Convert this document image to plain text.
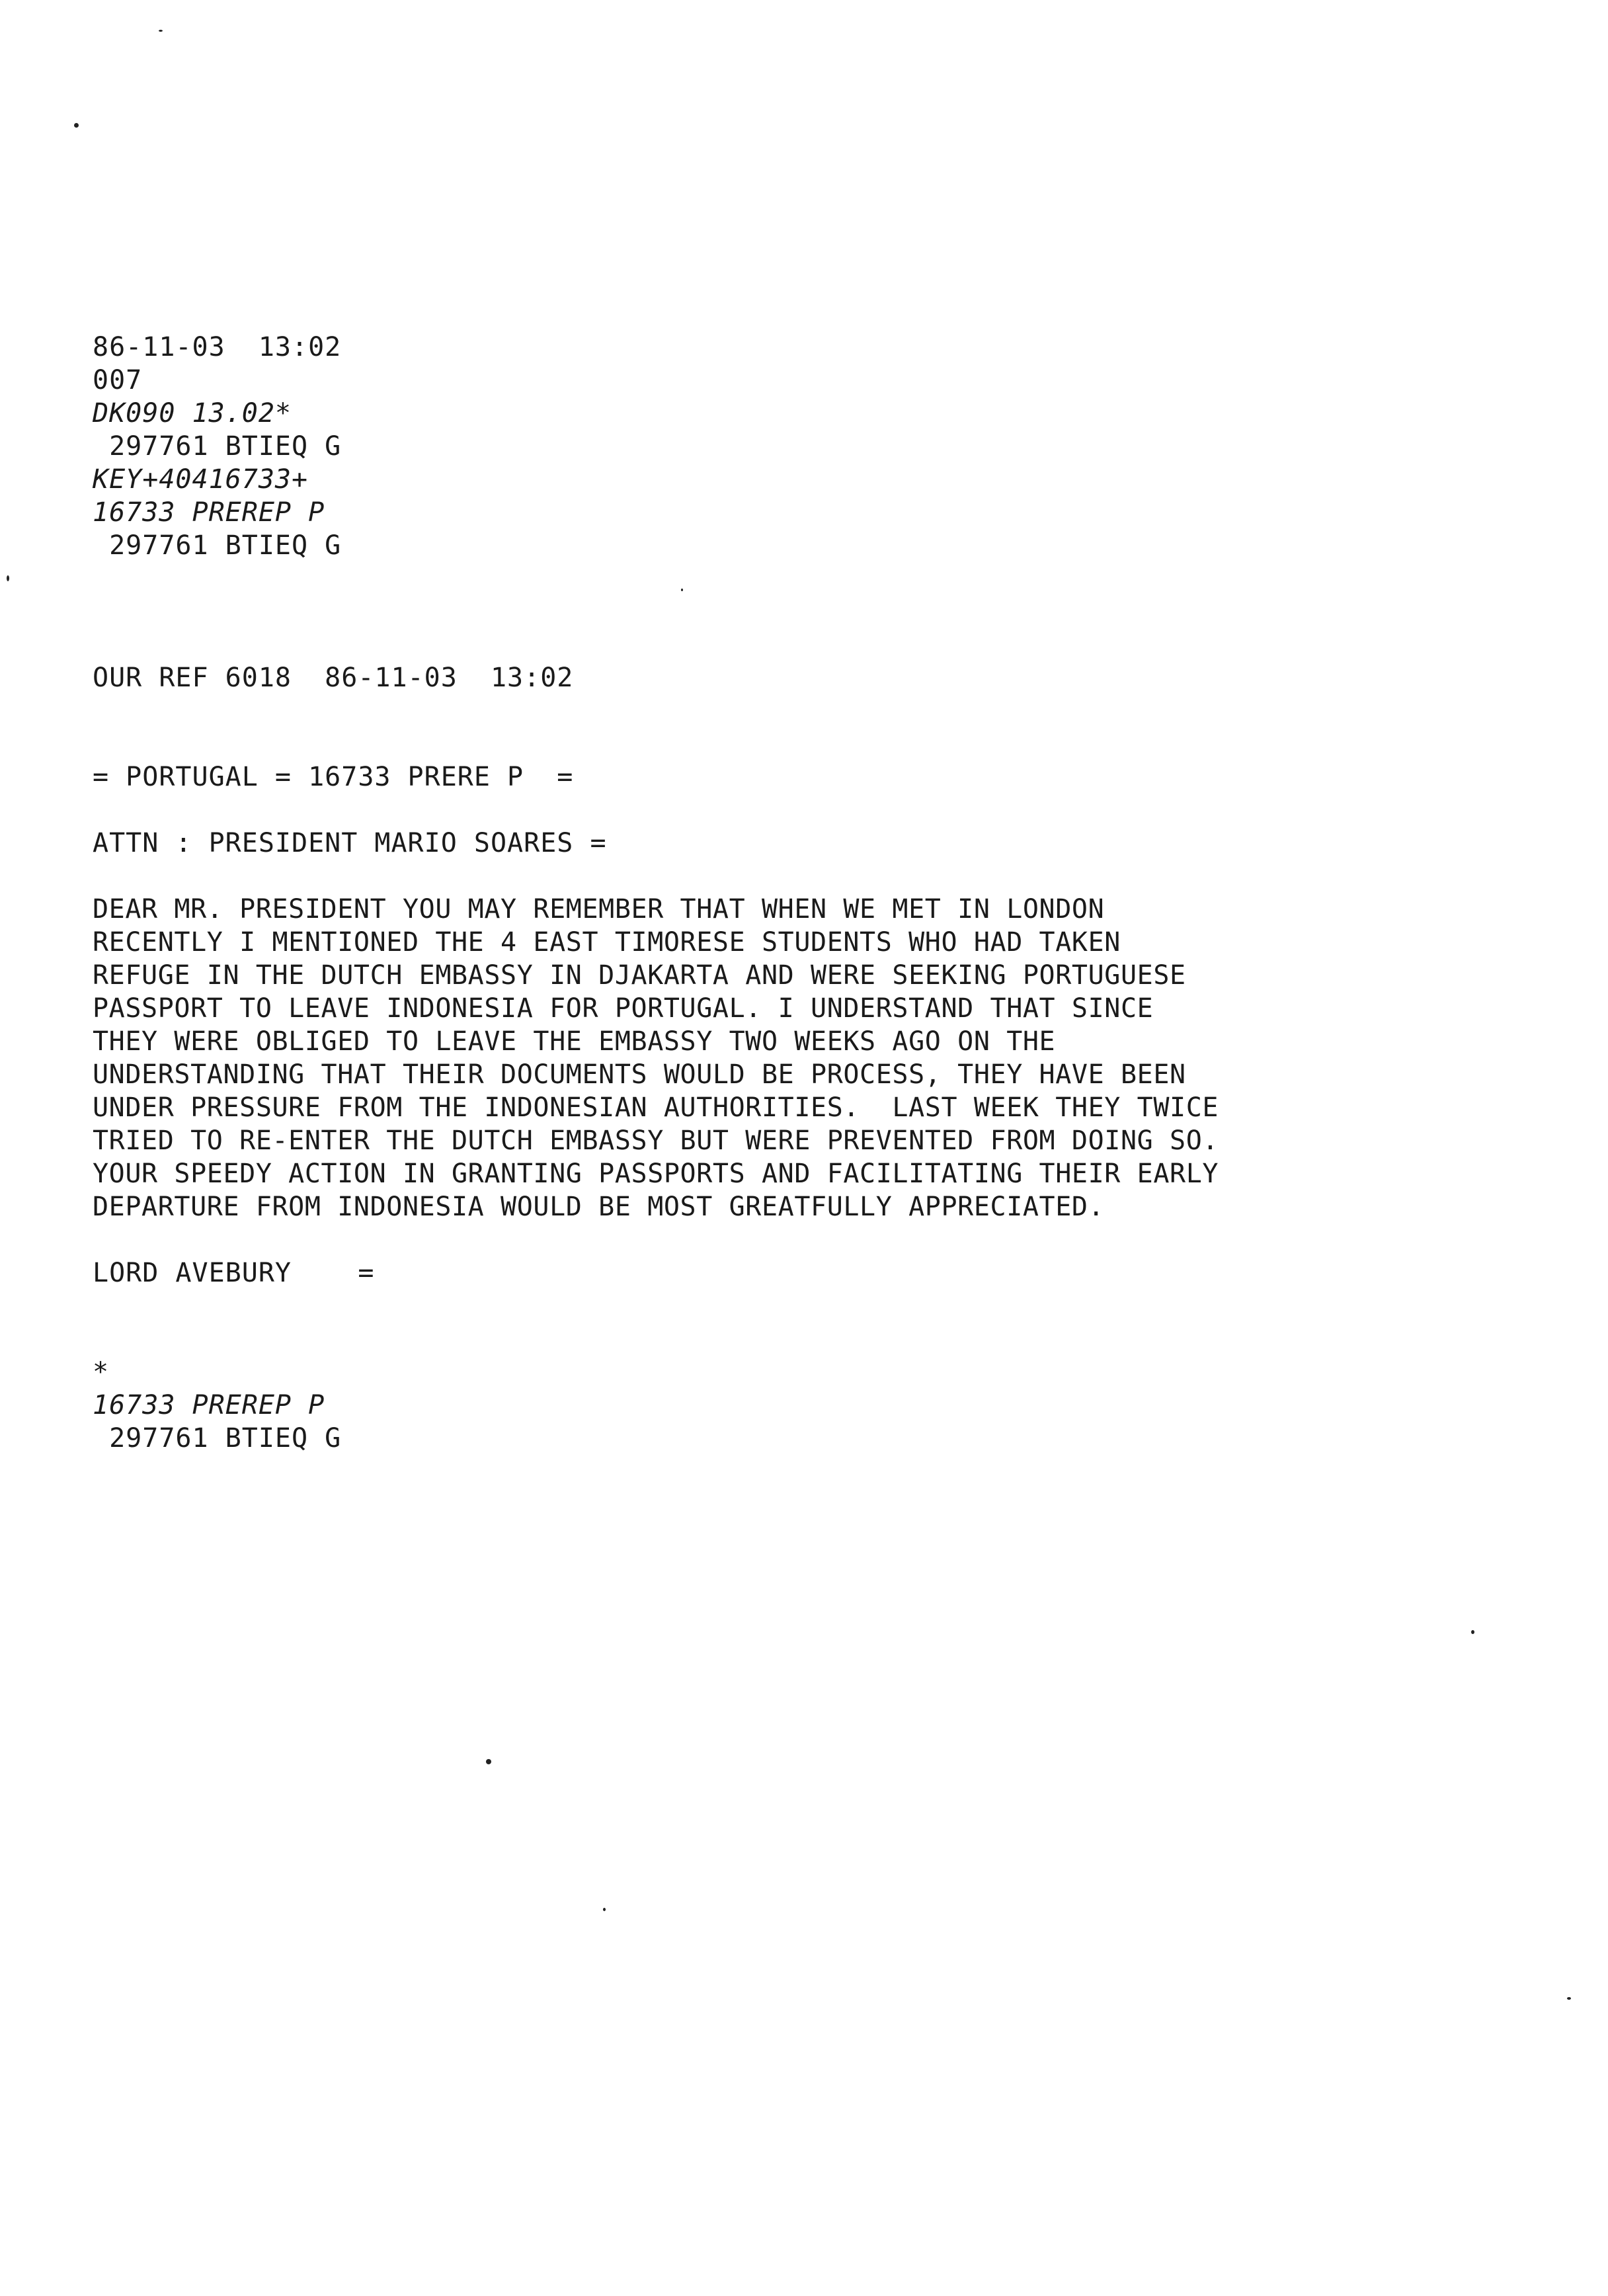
86-11-03  13:02
007
DK090 13.02*
297761 BTIEQ G
KEY+40416733+
16733 PREREP P
297761 BTIEQ G
OUR REF 6018  86-11-03  13:02
= PORTUGAL = 16733 PRERE P  =
ATTN : PRESIDENT MARIO SOARES =
DEAR MR. PRESIDENT YOU MAY REMEMBER THAT WHEN WE MET IN LONDON
RECENTLY I MENTIONED THE 4 EAST TIMORESE STUDENTS WHO HAD TAKEN
REFUGE IN THE DUTCH EMBASSY IN DJAKARTA AND WERE SEEKING PORTUGUESE
PASSPORT TO LEAVE INDONESIA FOR PORTUGAL. I UNDERSTAND THAT SINCE
THEY WERE OBLIGED TO LEAVE THE EMBASSY TWO WEEKS AGO ON THE
UNDERSTANDING THAT THEIR DOCUMENTS WOULD BE PROCESS, THEY HAVE BEEN
UNDER PRESSURE FROM THE INDONESIAN AUTHORITIES.  LAST WEEK THEY TWICE
TRIED TO RE-ENTER THE DUTCH EMBASSY BUT WERE PREVENTED FROM DOING SO.
YOUR SPEEDY ACTION IN GRANTING PASSPORTS AND FACILITATING THEIR EARLY
DEPARTURE FROM INDONESIA WOULD BE MOST GREATFULLY APPRECIATED.
LORD AVEBURY    =
*
16733 PREREP P
297761 BTIEQ G
